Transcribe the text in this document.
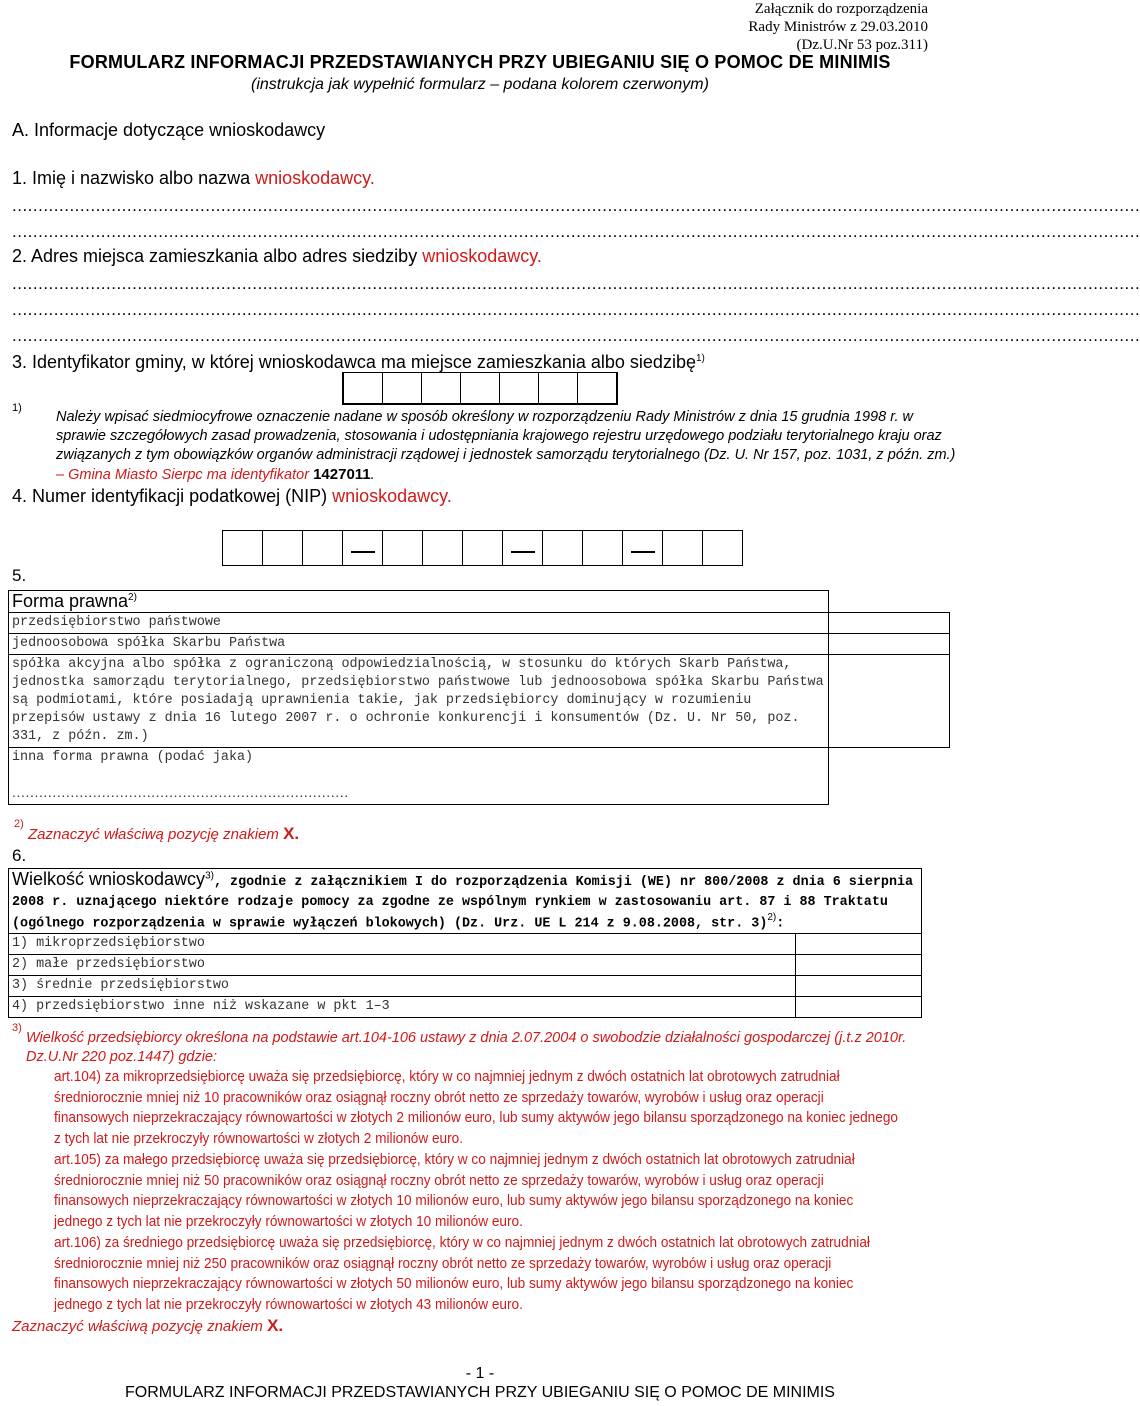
Załącznik do rozporządzenia
Rady Ministrów z 29.03.2010
(Dz.U.Nr 53 poz.311)
FORMULARZ INFORMACJI PRZEDSTAWIANYCH PRZY UBIEGANIU SIĘ O POMOC DE MINIMIS
(instrukcja jak wypełnić formularz – podana kolorem czerwonym)
A. Informacje dotyczące wnioskodawcy
1. Imię i nazwisko albo nazwa wnioskodawcy.
........................................................................................................................................................................................................................
........................................................................................................................................................................................................................
2. Adres miejsca zamieszkania albo adres siedziby wnioskodawcy.
........................................................................................................................................................................................................................
........................................................................................................................................................................................................................
........................................................................................................................................................................................................................
3. Identyfikator gminy, w której wnioskodawca ma miejsce zamieszkania albo siedzibę$^{1)}$
1)
Należy wpisać siedmiocyfrowe oznaczenie nadane w sposób określony w rozporządzeniu Rady Ministrów z dnia 15 grudnia 1998 r. w sprawie szczegółowych zasad prowadzenia, stosowania i udostępniania krajowego rejestru urzędowego podziału terytorialnego kraju oraz związanych z tym obowiązków organów administracji rządowej i jednostek samorządu terytorialnego (Dz. U. Nr 157, poz. 1031, z późn. zm.) – Gmina Miasto Sierpc ma identyfikator 1427011.
4. Numer identyfikacji podatkowej (NIP) wnioskodawcy.
5.
Forma prawna$^{2)}$	
przedsiębiorstwo państwowe	
jednoosobowa spółka Skarbu Państwa	
spółka akcyjna albo spółka z ograniczoną odpowiedzialnością, w stosunku do których Skarb Państwa, jednostka samorządu terytorialnego, przedsiębiorstwo państwowe lub jednoosobowa spółka Skarbu Państwa są podmiotami, które posiadają uprawnienia takie, jak przedsiębiorcy dominujący w rozumieniu przepisów ustawy z dnia 16 lutego 2007 r. o ochronie konkurencji i konsumentów (Dz. U. Nr 50, poz. 331, z późn. zm.)	

inna forma prawna (podać jaka)
...........................................................................	

2)
Zaznaczyć właściwą pozycję znakiem X.
6.
Wielkość wnioskodawcy$^{3)}$, zgodnie z załącznikiem I do rozporządzenia Komisji (WE) nr 800/2008 z dnia 6 sierpnia 2008 r. uznającego niektóre rodzaje pomocy za zgodne ze wspólnym rynkiem w zastosowaniu art. 87 i 88 Traktatu (ogólnego rozporządzenia w sprawie wyłączeń blokowych) (Dz. Urz. UE L 214 z 9.08.2008, str. 3)$^{2)}$:	
1) mikroprzedsiębiorstwo	
2) małe przedsiębiorstwo	
3) średnie przedsiębiorstwo	
4) przedsiębiorstwo inne niż wskazane w pkt 1–3	
3)
Wielkość przedsiębiorcy określona na podstawie art.104-106 ustawy z dnia 2.07.2004 o swobodzie działalności gospodarczej (j.t.z 2010r. Dz.U.Nr 220 poz.1447) gdzie:
art.104) za mikroprzedsiębiorcę uważa się przedsiębiorcę, który w co najmniej jednym z dwóch ostatnich lat obrotowych zatrudniał średniorocznie mniej niż 10 pracowników oraz osiągnął roczny obrót netto ze sprzedaży towarów, wyrobów i usług oraz operacji finansowych nieprzekraczający równowartości w złotych 2 milionów euro, lub sumy aktywów jego bilansu sporządzonego na koniec jednego z tych lat nie przekroczyły równowartości w złotych 2 milionów euro.
art.105) za małego przedsiębiorcę uważa się przedsiębiorcę, który w co najmniej jednym z dwóch ostatnich lat obrotowych zatrudniał średniorocznie mniej niż 50 pracowników oraz osiągnął roczny obrót netto ze sprzedaży towarów, wyrobów i usług oraz operacji finansowych nieprzekraczający równowartości w złotych 10 milionów euro, lub sumy aktywów jego bilansu sporządzonego na koniec jednego z tych lat nie przekroczyły równowartości w złotych 10 milionów euro.
art.106) za średniego przedsiębiorcę uważa się przedsiębiorcę, który w co najmniej jednym z dwóch ostatnich lat obrotowych zatrudniał średniorocznie mniej niż 250 pracowników oraz osiągnął roczny obrót netto ze sprzedaży towarów, wyrobów i usług oraz operacji finansowych nieprzekraczający równowartości w złotych 50 milionów euro, lub sumy aktywów jego bilansu sporządzonego na koniec jednego z tych lat nie przekroczyły równowartości w złotych 43 milionów euro.
Zaznaczyć właściwą pozycję znakiem X.
- 1 -
FORMULARZ INFORMACJI PRZEDSTAWIANYCH PRZY UBIEGANIU SIĘ O POMOC DE MINIMIS
